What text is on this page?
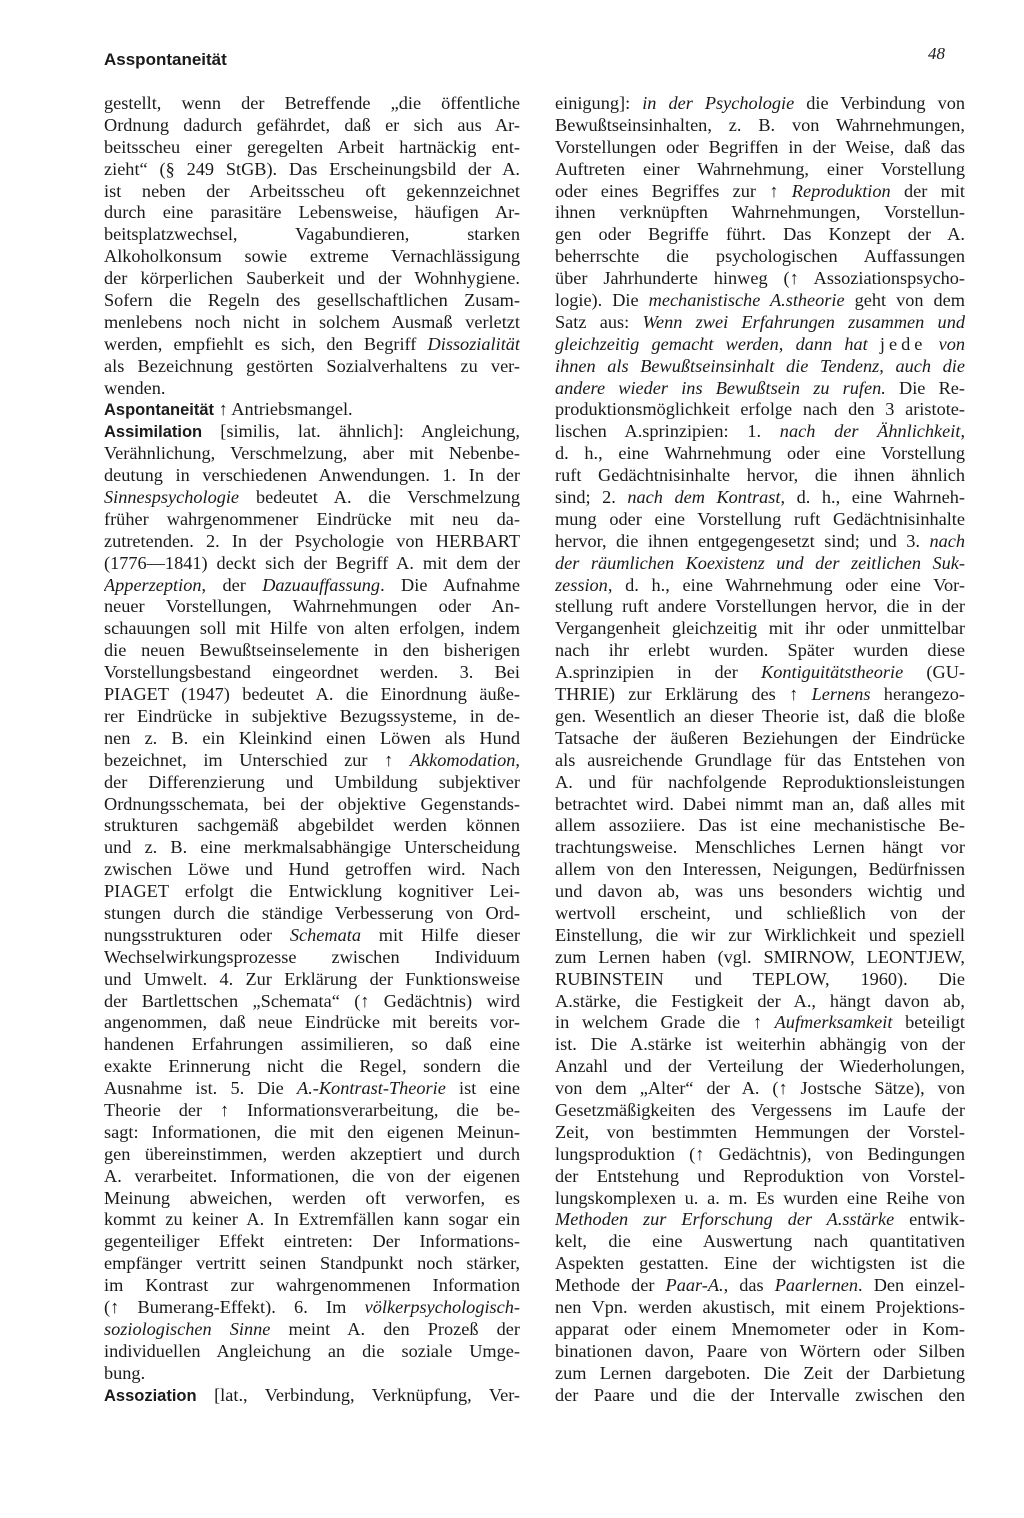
Asspontaneität	48
gestellt, wenn der Betreffende „die öffentliche
Ordnung dadurch gefährdet, daß er sich aus Ar-
beitsscheu einer geregelten Arbeit hartnäckig ent-
zieht“ (§ 249 StGB). Das Erscheinungsbild der A.
ist neben der Arbeitsscheu oft gekennzeichnet
durch eine parasitäre Lebensweise, häufigen Ar-
beitsplatzwechsel, Vagabundieren, starken
Alkoholkonsum sowie extreme Vernachlässigung
der körperlichen Sauberkeit und der Wohnhygiene.
Sofern die Regeln des gesellschaftlichen Zusam-
menlebens noch nicht in solchem Ausmaß verletzt
werden, empfiehlt es sich, den Begriff Dissozialität
als Bezeichnung gestörten Sozialverhaltens zu ver-
wenden.
Aspontaneität ↑ Antriebsmangel.
Assimilation [similis, lat. ähnlich]: Angleichung,
Verähnlichung, Verschmelzung, aber mit Nebenbe-
deutung in verschiedenen Anwendungen. 1. In der
Sinnespsychologie bedeutet A. die Verschmelzung
früher wahrgenommener Eindrücke mit neu da-
zutretenden. 2. In der Psychologie von HERBART
(1776—1841) deckt sich der Begriff A. mit dem der
Apperzeption, der Dazuauffassung. Die Aufnahme
neuer Vorstellungen, Wahrnehmungen oder An-
schauungen soll mit Hilfe von alten erfolgen, indem
die neuen Bewußtseinselemente in den bisherigen
Vorstellungsbestand eingeordnet werden. 3. Bei
PIAGET (1947) bedeutet A. die Einordnung äuße-
rer Eindrücke in subjektive Bezugssysteme, in de-
nen z. B. ein Kleinkind einen Löwen als Hund
bezeichnet, im Unterschied zur ↑ Akkomodation,
der Differenzierung und Umbildung subjektiver
Ordnungsschemata, bei der objektive Gegenstands-
strukturen sachgemäß abgebildet werden können
und z. B. eine merkmalsabhängige Unterscheidung
zwischen Löwe und Hund getroffen wird. Nach
PIAGET erfolgt die Entwicklung kognitiver Lei-
stungen durch die ständige Verbesserung von Ord-
nungsstrukturen oder Schemata mit Hilfe dieser
Wechselwirkungsprozesse zwischen Individuum
und Umwelt. 4. Zur Erklärung der Funktionsweise
der Bartlettschen „Schemata“ (↑ Gedächtnis) wird
angenommen, daß neue Eindrücke mit bereits vor-
handenen Erfahrungen assimilieren, so daß eine
exakte Erinnerung nicht die Regel, sondern die
Ausnahme ist. 5. Die A.-Kontrast-Theorie ist eine
Theorie der ↑ Informationsverarbeitung, die be-
sagt: Informationen, die mit den eigenen Meinun-
gen übereinstimmen, werden akzeptiert und durch
A. verarbeitet. Informationen, die von der eigenen
Meinung abweichen, werden oft verworfen, es
kommt zu keiner A. In Extremfällen kann sogar ein
gegenteiliger Effekt eintreten: Der Informations-
empfänger vertritt seinen Standpunkt noch stärker,
im Kontrast zur wahrgenommenen Information
(↑ Bumerang-Effekt). 6. Im völkerpsychologisch-
soziologischen Sinne meint A. den Prozeß der
individuellen Angleichung an die soziale Umge-
bung.
Assoziation [lat., Verbindung, Verknüpfung, Ver-
einigung]: in der Psychologie die Verbindung von
Bewußtseinsinhalten, z. B. von Wahrnehmungen,
Vorstellungen oder Begriffen in der Weise, daß das
Auftreten einer Wahrnehmung, einer Vorstellung
oder eines Begriffes zur ↑ Reproduktion der mit
ihnen verknüpften Wahrnehmungen, Vorstellun-
gen oder Begriffe führt. Das Konzept der A.
beherrschte die psychologischen Auffassungen
über Jahrhunderte hinweg (↑ Assoziationspsycho-
logie). Die mechanistische A.stheorie geht von dem
Satz aus: Wenn zwei Erfahrungen zusammen und
gleichzeitig gemacht werden, dann hat jede von
ihnen als Bewußtseinsinhalt die Tendenz, auch die
andere wieder ins Bewußtsein zu rufen. Die Re-
produktionsmöglichkeit erfolge nach den 3 aristote-
lischen A.sprinzipien: 1. nach der Ähnlichkeit,
d. h., eine Wahrnehmung oder eine Vorstellung
ruft Gedächtnisinhalte hervor, die ihnen ähnlich
sind; 2. nach dem Kontrast, d. h., eine Wahrneh-
mung oder eine Vorstellung ruft Gedächtnisinhalte
hervor, die ihnen entgegengesetzt sind; und 3. nach
der räumlichen Koexistenz und der zeitlichen Suk-
zession, d. h., eine Wahrnehmung oder eine Vor-
stellung ruft andere Vorstellungen hervor, die in der
Vergangenheit gleichzeitig mit ihr oder unmittelbar
nach ihr erlebt wurden. Später wurden diese
A.sprinzipien in der Kontiguitätstheorie (GU-
THRIE) zur Erklärung des ↑ Lernens herangezo-
gen. Wesentlich an dieser Theorie ist, daß die bloße
Tatsache der äußeren Beziehungen der Eindrücke
als ausreichende Grundlage für das Entstehen von
A. und für nachfolgende Reproduktionsleistungen
betrachtet wird. Dabei nimmt man an, daß alles mit
allem assoziiere. Das ist eine mechanistische Be-
trachtungsweise. Menschliches Lernen hängt vor
allem von den Interessen, Neigungen, Bedürfnissen
und davon ab, was uns besonders wichtig und
wertvoll erscheint, und schließlich von der
Einstellung, die wir zur Wirklichkeit und speziell
zum Lernen haben (vgl. SMIRNOW, LEONTJEW,
RUBINSTEIN und TEPLOW, 1960). Die
A.stärke, die Festigkeit der A., hängt davon ab,
in welchem Grade die ↑ Aufmerksamkeit beteiligt
ist. Die A.stärke ist weiterhin abhängig von der
Anzahl und der Verteilung der Wiederholungen,
von dem „Alter“ der A. (↑ Jostsche Sätze), von
Gesetzmäßigkeiten des Vergessens im Laufe der
Zeit, von bestimmten Hemmungen der Vorstel-
lungsproduktion (↑ Gedächtnis), von Bedingungen
der Entstehung und Reproduktion von Vorstel-
lungskomplexen u. a. m. Es wurden eine Reihe von
Methoden zur Erforschung der A.sstärke entwik-
kelt, die eine Auswertung nach quantitativen
Aspekten gestatten. Eine der wichtigsten ist die
Methode der Paar-A., das Paarlernen. Den einzel-
nen Vpn. werden akustisch, mit einem Projektions-
apparat oder einem Mnemometer oder in Kom-
binationen davon, Paare von Wörtern oder Silben
zum Lernen dargeboten. Die Zeit der Darbietung
der Paare und die der Intervalle zwischen den
